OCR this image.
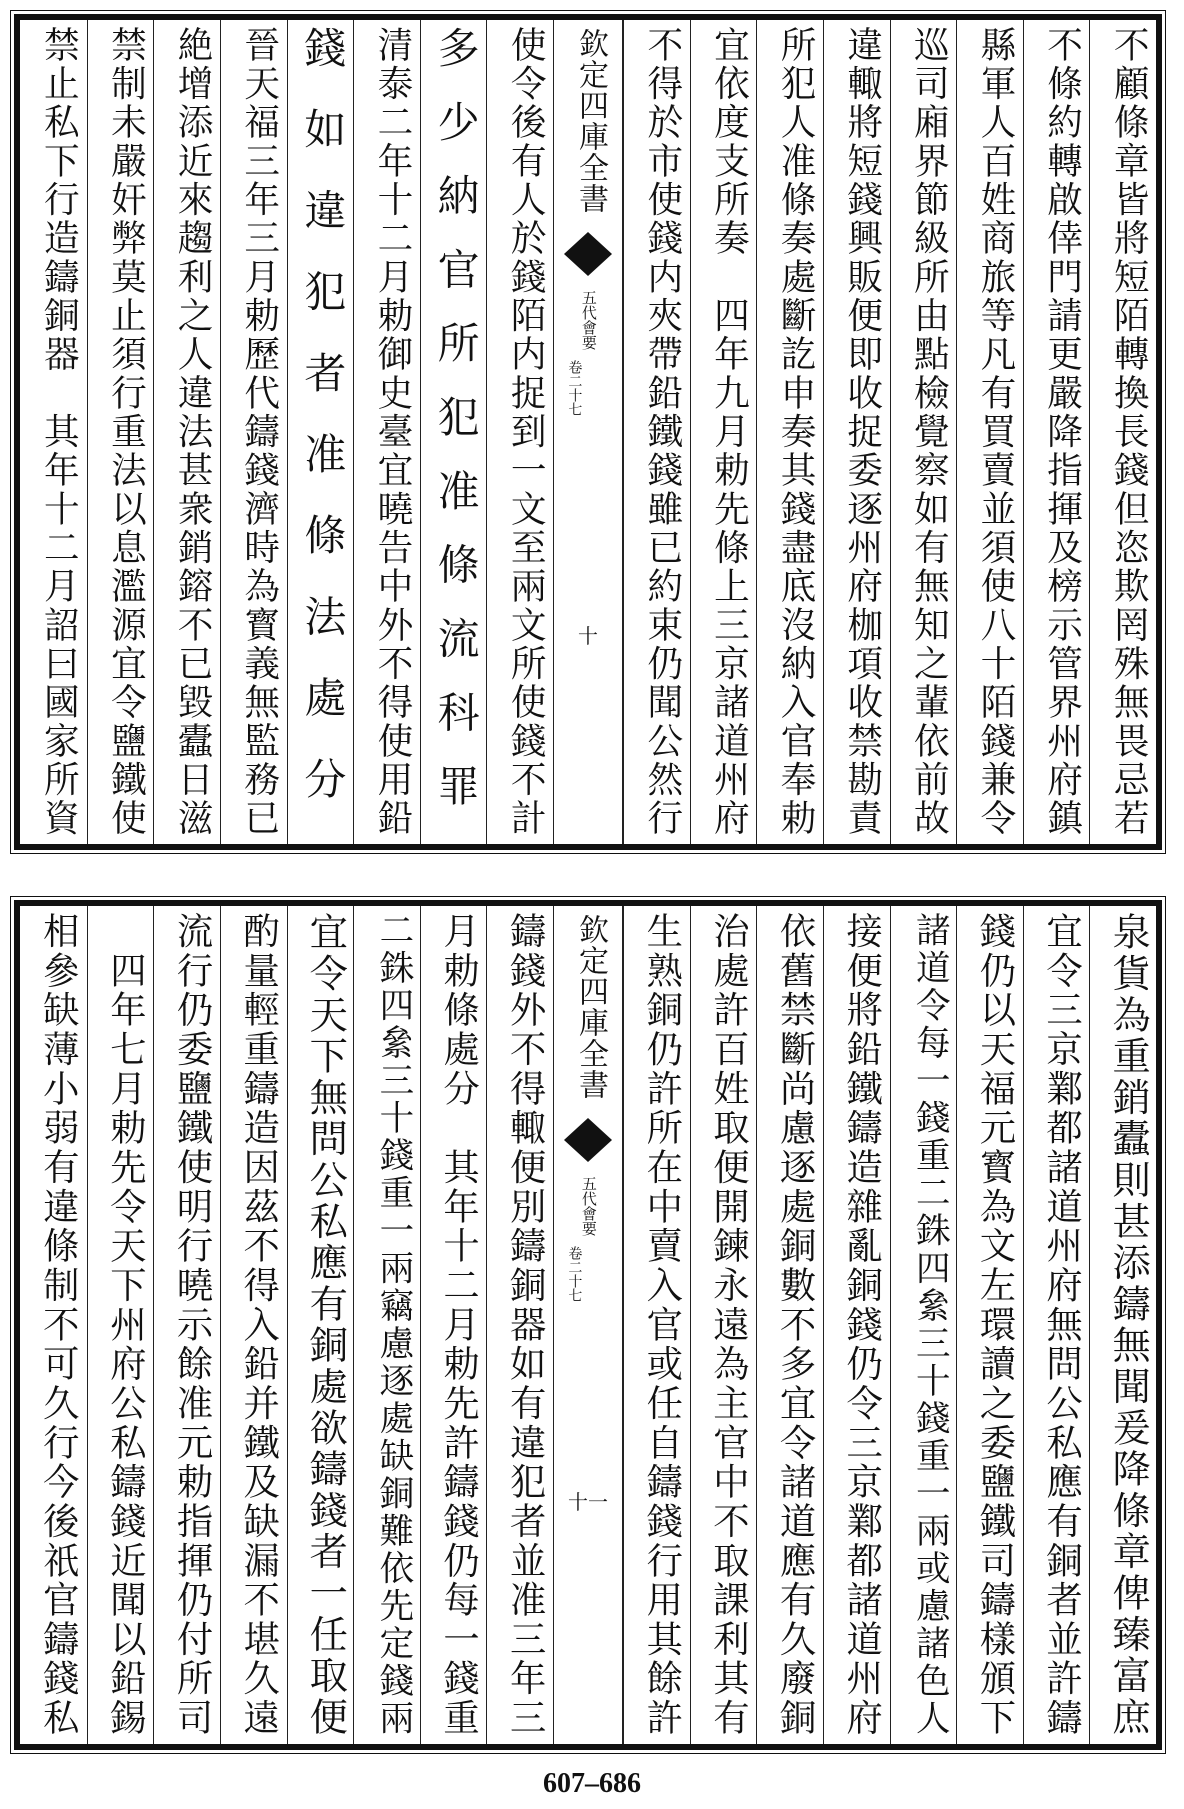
不顧條章皆將短陌轉換長錢但恣欺罔殊無畏忌若
不條約轉啟倖門請更嚴降指揮及榜示管界州府鎮
縣軍人百姓商旅等凡有買賣並須使八十陌錢兼令
巡司廂界節級所由點檢覺察如有無知之輩依前故
違輙將短錢興販便即收捉委逐州府枷項收禁勘責
所犯人准條奏處斷訖申奏其錢盡底沒納入官奉勅
宜依度支所奏　四年九月勅先條上三京諸道州府
不得於市使錢内夾帶鉛鐵錢雖已約束仍聞公然行
欽定四庫全書
五代會要
卷二十七
十
使令後有人於錢陌内捉到一文至兩文所使錢不計
多少納官所犯准條流科罪
清泰二年十二月勅御史臺宜曉告中外不得使用鉛
錢如違犯者准條法處分
晉天福三年三月勅歷代鑄錢濟時為寳義無監務已
絶增添近來趨利之人違法甚衆銷鎔不已毀蠹日滋
禁制未嚴奸弊莫止須行重法以息濫源宜令鹽鐵使
禁止私下行造鑄銅器　其年十二月詔曰國家所資
泉貨為重銷蠹則甚添鑄無聞爰降條章俾臻富庶
宜令三京鄴都諸道州府無問公私應有銅者並許鑄
錢仍以天福元寳為文左環讀之委鹽鐵司鑄樣頒下
諸道令每一錢重二銖四絫三十錢重一兩或慮諸色人
接便將鉛鐵鑄造雜亂銅錢仍令三京鄴都諸道州府
依舊禁斷尚慮逐處銅數不多宜令諸道應有久廢銅
治處許百姓取便開鍊永遠為主官中不取課利其有
生熟銅仍許所在中賣入官或任自鑄錢行用其餘許
欽定四庫全書
五代會要
卷二十七
十一
鑄錢外不得輙便別鑄銅器如有違犯者並准三年三
月勅條處分　其年十二月勅先許鑄錢仍每一錢重
二銖四絫三十錢重一兩竊慮逐處缺銅難依先定錢兩
宜令天下無問公私應有銅處欲鑄錢者一任取便
酌量輕重鑄造因茲不得入鉛并鐵及缺漏不堪久遠
流行仍委鹽鐵使明行曉示餘准元勅指揮仍付所司
　四年七月勅先令天下州府公私鑄錢近聞以鉛錫
相參缺薄小弱有違條制不可久行今後祇官鑄錢私
607–686
